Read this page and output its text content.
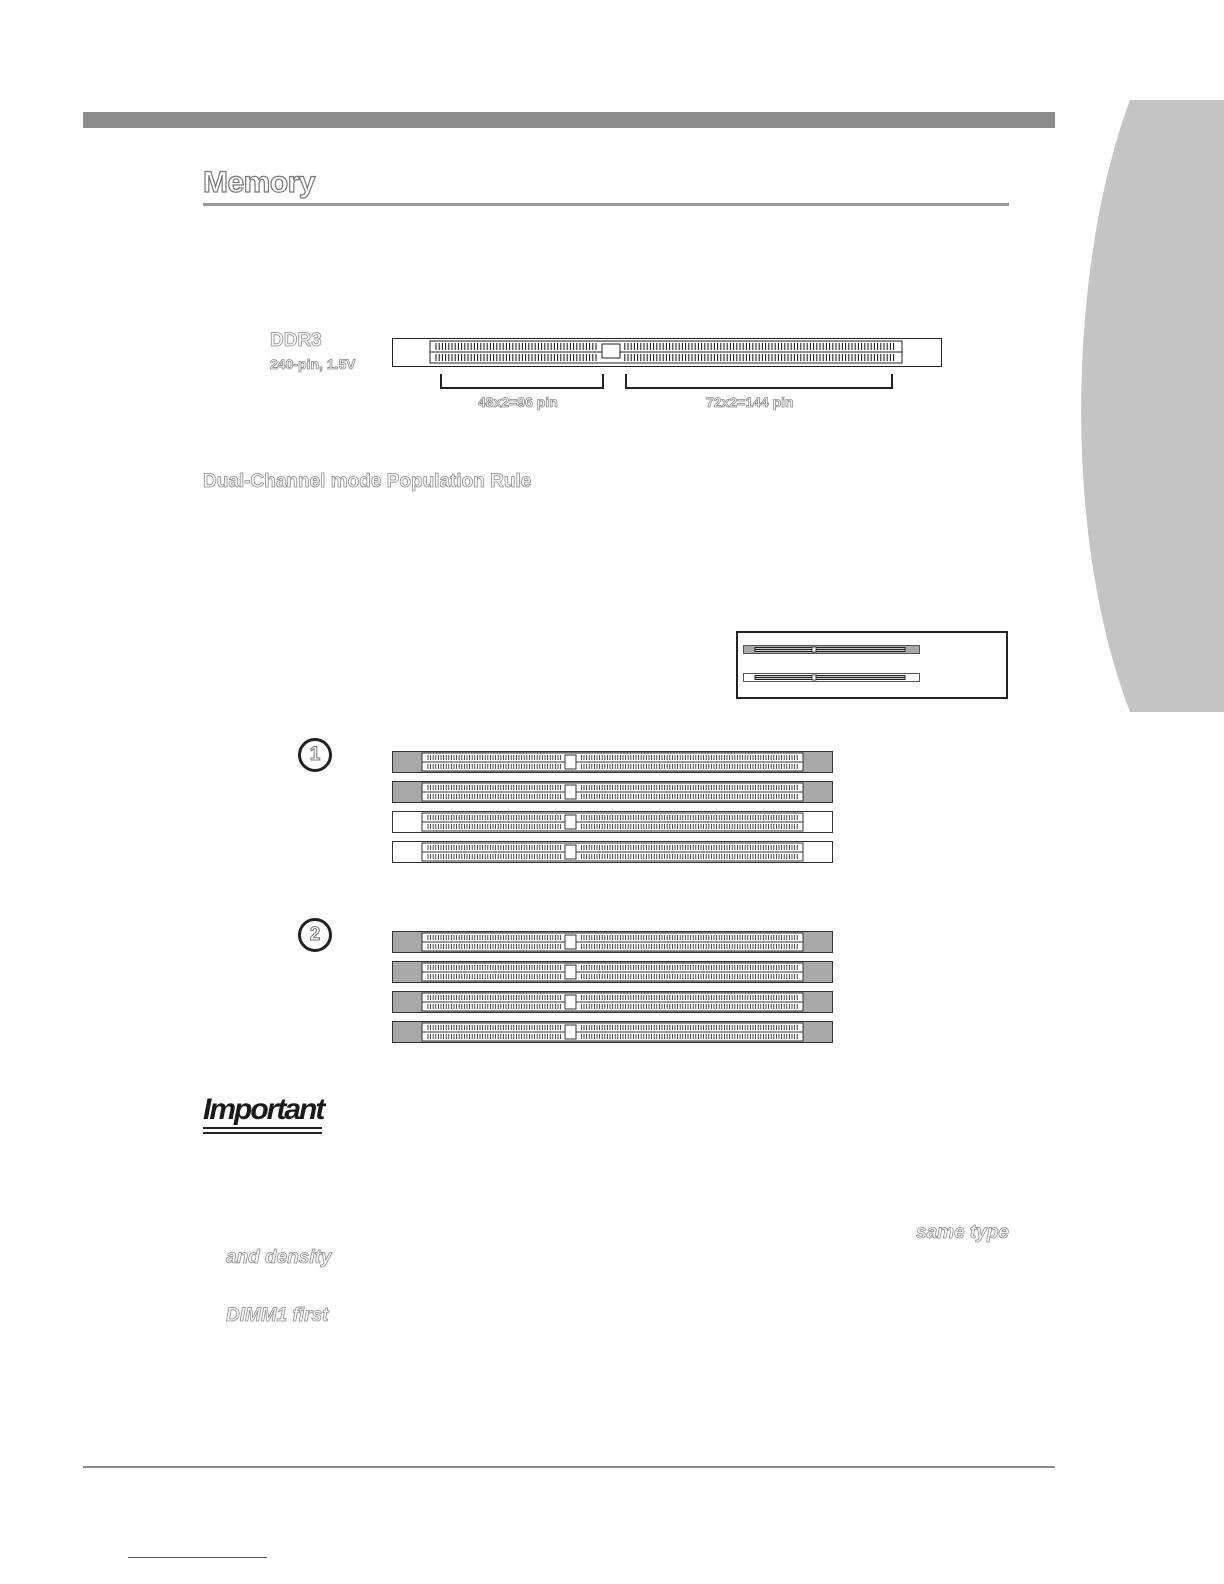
Memory
DDR3
240-pin, 1.5V
48x2=96 pin	72x2=144 pin
Dual-Channel mode Population Rule
1
2
Important
same type
and density
DIMM1 first
